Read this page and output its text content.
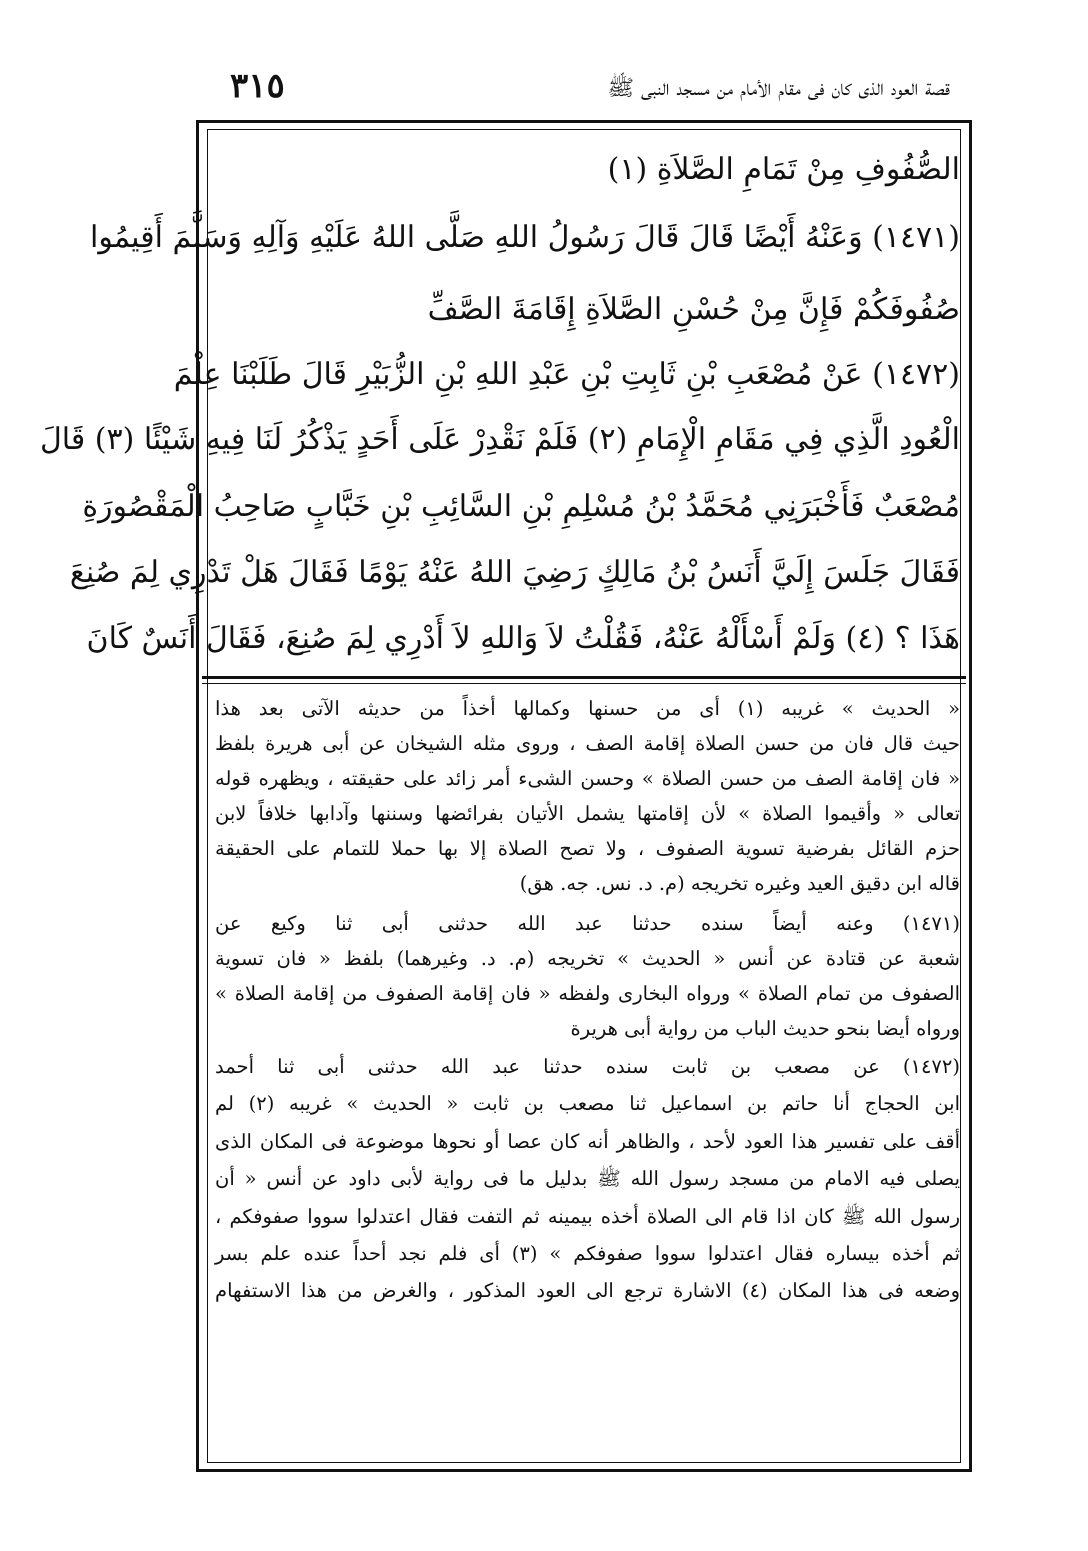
٣١٥	قصة العود الذى كان فى مقام الأمام من مسجد النبى ﷺ
الصُّفُوفِ مِنْ تَمَامِ الصَّلاَةِ (١)
(١٤٧١) وَعَنْهُ أَيْضًا قَالَ قَالَ رَسُولُ اللهِ صَلَّى اللهُ عَلَيْهِ وَآلِهِ وَسَلَّمَ أَقِيمُوا
صُفُوفَكُمْ فَإِنَّ مِنْ حُسْنِ الصَّلاَةِ إِقَامَةَ الصَّفِّ
(١٤٧٢) عَنْ مُصْعَبِ بْنِ ثَابِتِ بْنِ عَبْدِ اللهِ بْنِ الزُّبَيْرِ قَالَ طَلَبْنَا عِلْمَ
الْعُودِ الَّذِي فِي مَقَامِ الْإِمَامِ (٢) فَلَمْ نَقْدِرْ عَلَى أَحَدٍ يَذْكُرُ لَنَا فِيهِ شَيْئًا (٣) قَالَ
مُصْعَبٌ فَأَخْبَرَنِي مُحَمَّدُ بْنُ مُسْلِمِ بْنِ السَّائِبِ بْنِ خَبَّابٍ صَاحِبُ الْمَقْصُورَةِ
فَقَالَ جَلَسَ إِلَيَّ أَنَسُ بْنُ مَالِكٍ رَضِيَ اللهُ عَنْهُ يَوْمًا فَقَالَ هَلْ تَدْرِي لِمَ صُنِعَ
هَذَا ؟ (٤) وَلَمْ أَسْأَلْهُ عَنْهُ، فَقُلْتُ لاَ وَاللهِ لاَ أَدْرِي لِمَ صُنِعَ، فَقَالَ أَنَسٌ كَانَ
« الحديث » غريبه (١) أى من حسنها وكمالها أخذاً من حديثه الآتى بعد هذا
حيث قال فان من حسن الصلاة إقامة الصف ، وروى مثله الشيخان عن أبى هريرة بلفظ
« فان إقامة الصف من حسن الصلاة » وحسن الشىء أمر زائد على حقيقته ، ويظهره قوله
تعالى « وأقيموا الصلاة » لأن إقامتها يشمل الأتيان بفرائضها وسننها وآدابها خلافاً لابن
حزم القائل بفرضية تسوية الصفوف ، ولا تصح الصلاة إلا بها حملا للتمام على الحقيقة
قاله ابن دقيق العيد وغيره تخريجه (م. د. نس. جه. هق)
(١٤٧١) وعنه أيضاً سنده حدثنا عبد الله حدثنى أبى ثنا وكيع عن
شعبة عن قتادة عن أنس « الحديث » تخريجه (م. د. وغيرهما) بلفظ « فان تسوية
الصفوف من تمام الصلاة » ورواه البخارى ولفظه « فان إقامة الصفوف من إقامة الصلاة »
ورواه أيضا بنحو حديث الباب من رواية أبى هريرة
(١٤٧٢) عن مصعب بن ثابت سنده حدثنا عبد الله حدثنى أبى ثنا أحمد
ابن الحجاج أنا حاتم بن اسماعيل ثنا مصعب بن ثابت « الحديث » غريبه (٢) لم
أقف على تفسير هذا العود لأحد ، والظاهر أنه كان عصا أو نحوها موضوعة فى المكان الذى
يصلى فيه الامام من مسجد رسول الله ﷺ بدليل ما فى رواية لأبى داود عن أنس « أن
رسول الله ﷺ كان اذا قام الى الصلاة أخذه بيمينه ثم التفت فقال اعتدلوا سووا صفوفكم ،
ثم أخذه بيساره فقال اعتدلوا سووا صفوفكم » (٣) أى فلم نجد أحداً عنده علم بسر
وضعه فى هذا المكان (٤) الاشارة ترجع الى العود المذكور ، والغرض من هذا الاستفهام
